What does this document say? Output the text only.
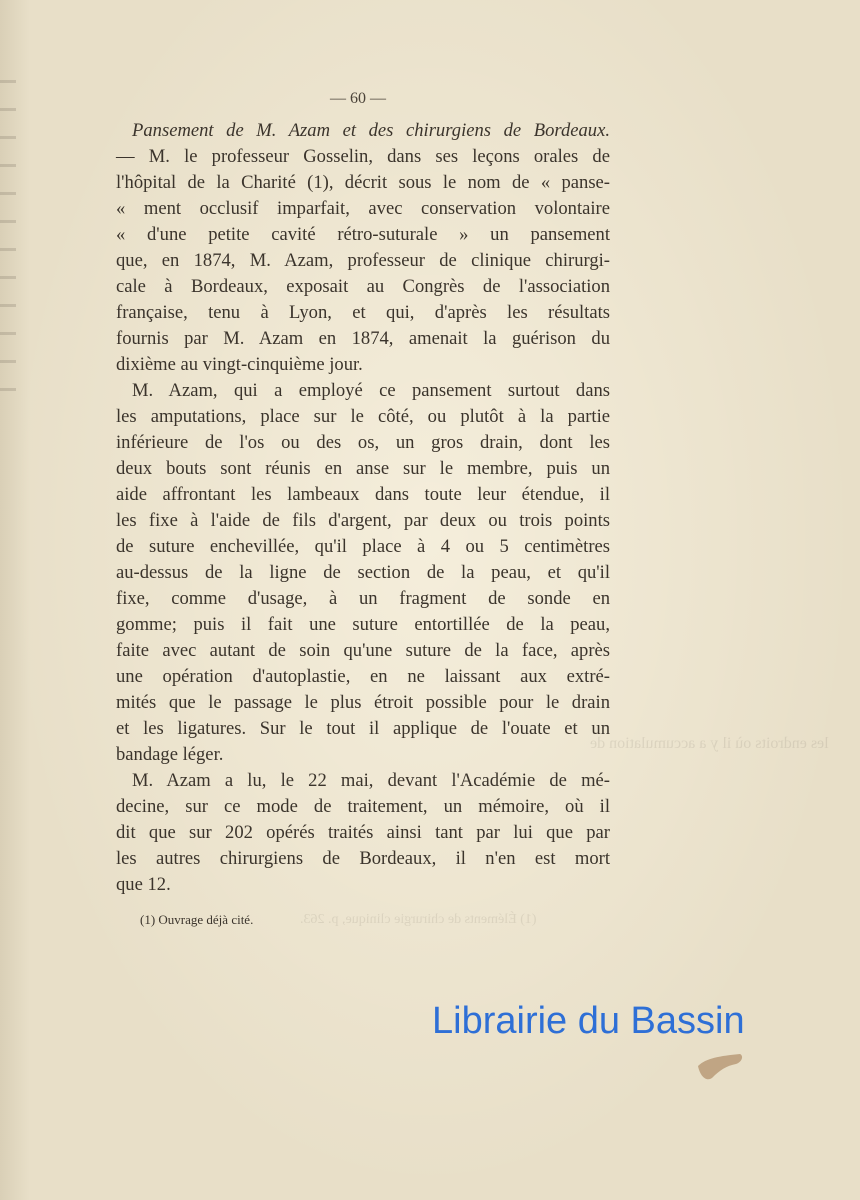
— 60 —
Pansement de M. Azam et des chirurgiens de Bordeaux.
— M. le professeur Gosselin, dans ses leçons orales de
l'hôpital de la Charité (1), décrit sous le nom de « panse-
« ment occlusif imparfait, avec conservation volontaire
« d'une petite cavité rétro-suturale » un pansement
que, en 1874, M. Azam, professeur de clinique chirurgi-
cale à Bordeaux, exposait au Congrès de l'association
française, tenu à Lyon, et qui, d'après les résultats
fournis par M. Azam en 1874, amenait la guérison du
dixième au vingt-cinquième jour.
M. Azam, qui a employé ce pansement surtout dans
les amputations, place sur le côté, ou plutôt à la partie
inférieure de l'os ou des os, un gros drain, dont les
deux bouts sont réunis en anse sur le membre, puis un
aide affrontant les lambeaux dans toute leur étendue, il
les fixe à l'aide de fils d'argent, par deux ou trois points
de suture enchevillée, qu'il place à 4 ou 5 centimètres
au-dessus de la ligne de section de la peau, et qu'il
fixe, comme d'usage, à un fragment de sonde en
gomme; puis il fait une suture entortillée de la peau,
faite avec autant de soin qu'une suture de la face, après
une opération d'autoplastie, en ne laissant aux extré-
mités que le passage le plus étroit possible pour le drain
et les ligatures. Sur le tout il applique de l'ouate et un
bandage léger.
M. Azam a lu, le 22 mai, devant l'Académie de mé-
decine, sur ce mode de traitement, un mémoire, où il
dit que sur 202 opérés traités ainsi tant par lui que par
les autres chirurgiens de Bordeaux, il n'en est mort
que 12.
(1) Ouvrage déjà cité.	(1) Éléments de chirurgie clinique, p. 263.
les endroits où il y a accumulation de
Librairie du Bassin
